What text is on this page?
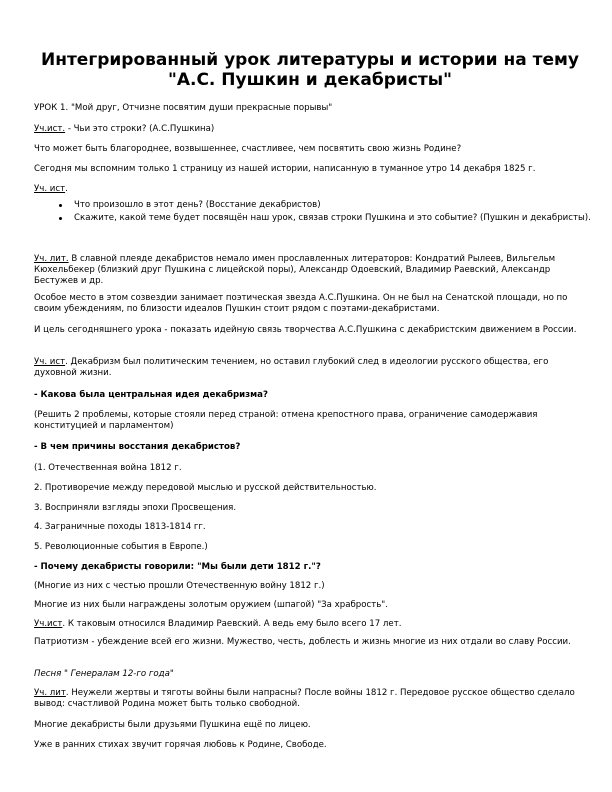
Интегрированный урок литературы и истории на тему "А.С. Пушкин и декабристы"

УРОК 1. "Мой друг, Отчизне посвятим души прекрасные порывы"

Уч.ист. - Чьи это строки? (А.С.Пушкина)

Что может быть благороднее, возвышеннее, счастливее, чем посвятить свою жизнь Родине?

Сегодня мы вспомним только 1 страницу из нашей истории, написанную в туманное утро 14 декабря 1825 г.

Уч. ист.

Что произошло в этот день? (Восстание декабристов)
Скажите, какой теме будет посвящён наш урок, связав строки Пушкина и это событие? (Пушкин и декабристы).

Уч. лит. В славной плеяде декабристов немало имен прославленных литераторов: Кондратий Рылеев, Вильгельм Кюхельбекер (близкий друг Пушкина с лицейской поры), Александр Одоевский, Владимир Раевский, Александр Бестужев и др.

Особое место в этом созвездии занимает поэтическая звезда А.С.Пушкина. Он не был на Сенатской площади, но по своим убеждениям, по близости идеалов Пушкин стоит рядом с поэтами-декабристами.

И цель сегодняшнего урока - показать идейную связь творчества А.С.Пушкина с декабристским движением в России.

Уч. ист. Декабризм был политическим течением, но оставил глубокий след в идеологии русского общества, его духовной жизни.

- Какова была центральная идея декабризма?

(Решить 2 проблемы, которые стояли перед страной: отмена крепостного права, ограничение самодержавия конституцией и парламентом)

- В чем причины восстания декабристов?

(1. Отечественная война 1812 г.

2. Противоречие между передовой мыслью и русской действительностью.

3. Восприняли взгляды эпохи Просвещения.

4. Заграничные походы 1813-1814 гг.

5. Революционные события в Европе.)

- Почему декабристы говорили: "Мы были дети 1812 г."?

(Многие из них с честью прошли Отечественную войну 1812 г.)

Многие из них были награждены золотым оружием (шпагой) "За храбрость".

Уч.ист. К таковым относился Владимир Раевский. А ведь ему было всего 17 лет.

Патриотизм - убеждение всей его жизни. Мужество, честь, доблесть и жизнь многие из них отдали во славу России.

Песня " Генералам 12-го года"

Уч. лит. Неужели жертвы и тяготы войны были напрасны? После войны 1812 г. Передовое русское общество сделало вывод: счастливой Родина может быть только свободной.

Многие декабристы были друзьями Пушкина ещё по лицею.

Уже в ранних стихах звучит горячая любовь к Родине, Свободе.
